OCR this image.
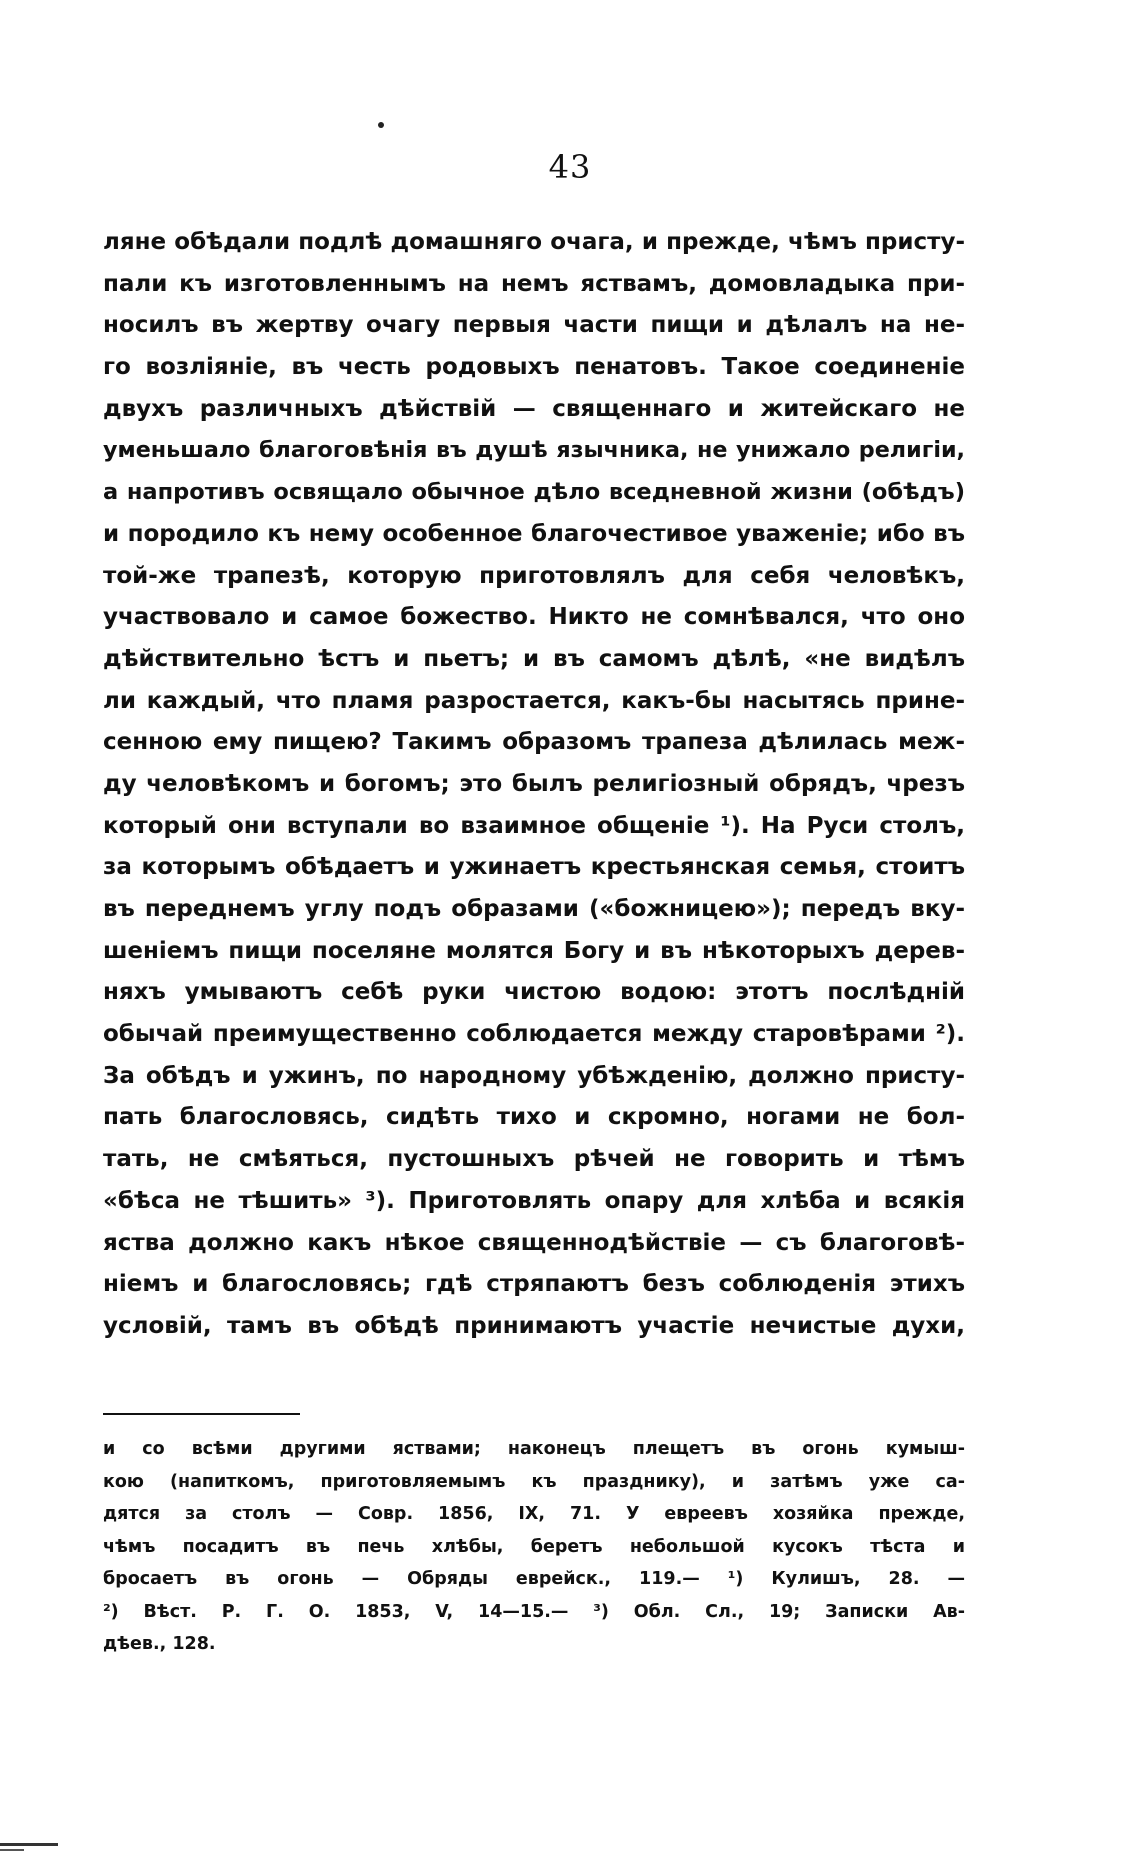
43
ляне обѣдали подлѣ домашняго очага, и прежде, чѣмъ присту-
пали къ изготовленнымъ на немъ яствамъ, домовладыка при-
носилъ въ жертву очагу первыя части пищи и дѣлалъ на не-
го возліяніе, въ честь родовыхъ пенатовъ. Такое соединеніе
двухъ различныхъ дѣйствій — священнаго и житейскаго не
уменьшало благоговѣнія въ душѣ язычника, не унижало религіи,
а напротивъ освящало обычное дѣло вседневной жизни (обѣдъ)
и породило къ нему особенное благочестивое уваженіе; ибо въ
той-же трапезѣ, которую приготовлялъ для себя человѣкъ,
участвовало и самое божество. Никто не сомнѣвался, что оно
дѣйствительно ѣстъ и пьетъ; и въ самомъ дѣлѣ, «не видѣлъ
ли каждый, что пламя разростается, какъ-бы насытясь прине-
сенною ему пищею? Такимъ образомъ трапеза дѣлилась меж-
ду человѣкомъ и богомъ; это былъ религіозный обрядъ, чрезъ
который они вступали во взаимное общеніе ¹). На Руси столъ,
за которымъ обѣдаетъ и ужинаетъ крестьянская семья, стоитъ
въ переднемъ углу подъ образами («божницею»); передъ вку-
шеніемъ пищи поселяне молятся Богу и въ нѣкоторыхъ дерев-
няхъ умываютъ себѣ руки чистою водою: этотъ послѣдній
обычай преимущественно соблюдается между старовѣрами ²).
За обѣдъ и ужинъ, по народному убѣжденію, должно присту-
пать благословясь, сидѣть тихо и скромно, ногами не бол-
тать, не смѣяться, пустошныхъ рѣчей не говорить и тѣмъ
«бѣса не тѣшить» ³). Приготовлять опару для хлѣба и всякія
яства должно какъ нѣкое священнодѣйствіе — съ благоговѣ-
ніемъ и благословясь; гдѣ стряпаютъ безъ соблюденія этихъ
условій, тамъ въ обѣдѣ принимаютъ участіе нечистые духи,
и со всѣми другими яствами; наконецъ плещетъ въ огонь кумыш-
кою (напиткомъ, приготовляемымъ къ празднику), и затѣмъ уже са-
дятся за столъ — Совр. 1856, IX, 71. У евреевъ хозяйка прежде,
чѣмъ посадитъ въ печь хлѣбы, беретъ небольшой кусокъ тѣста и
бросаетъ въ огонь — Обряды еврейск., 119.— ¹) Кулишъ, 28. —
²) Вѣст. Р. Г. О. 1853, V, 14—15.— ³) Обл. Сл., 19; Записки Ав-
дѣев., 128.
